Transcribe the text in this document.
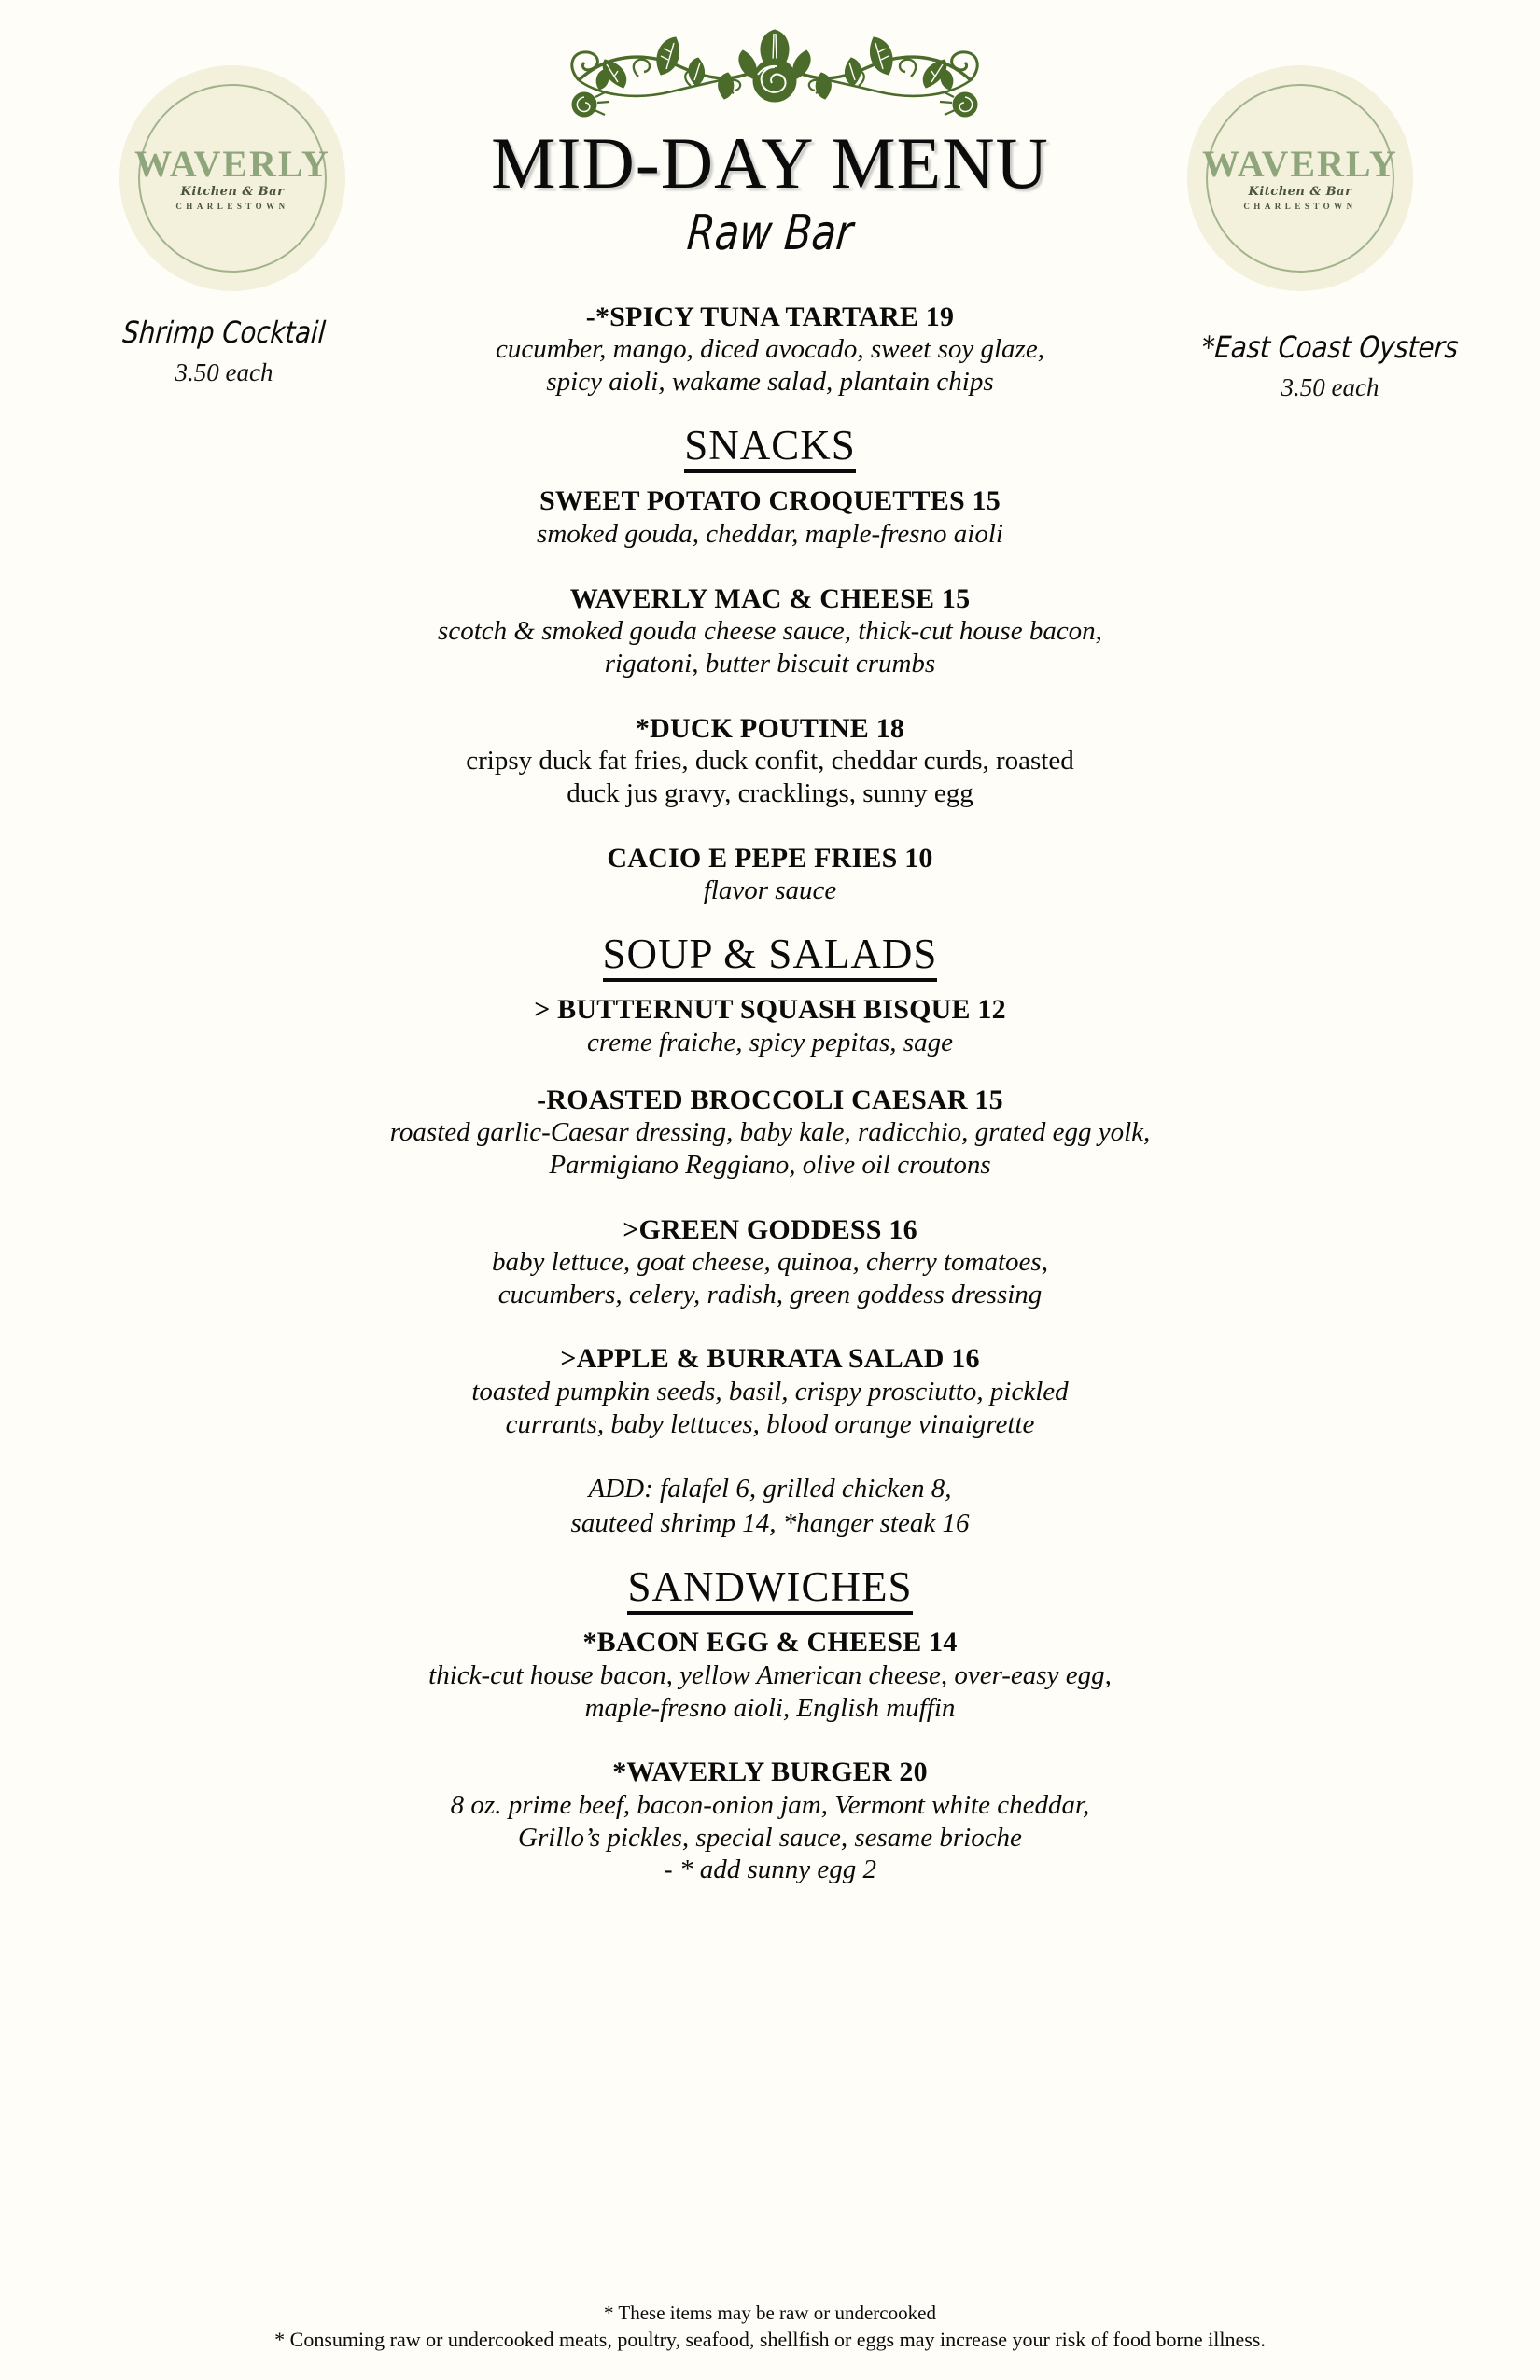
WAVERLY
Kitchen & Bar
CHARLESTOWN
WAVERLY
Kitchen & Bar
CHARLESTOWN
MID-DAY MENU
Raw Bar
Shrimp Cocktail
3.50 each
*East Coast Oysters
3.50 each
-*SPICY TUNA TARTARE 19
cucumber, mango, diced avocado, sweet soy glaze,
spicy aioli, wakame salad, plantain chips
SNACKS
SWEET POTATO CROQUETTES 15
smoked gouda, cheddar, maple-fresno aioli
WAVERLY MAC & CHEESE 15
scotch & smoked gouda cheese sauce, thick-cut house bacon,
rigatoni, butter biscuit crumbs
*DUCK POUTINE 18
cripsy duck fat fries, duck confit, cheddar curds, roasted
duck jus gravy, cracklings, sunny egg
CACIO E PEPE FRIES 10
flavor sauce
SOUP & SALADS
> BUTTERNUT SQUASH BISQUE 12
creme fraiche, spicy pepitas, sage
-ROASTED BROCCOLI CAESAR 15
roasted garlic-Caesar dressing, baby kale, radicchio, grated egg yolk,
Parmigiano Reggiano, olive oil croutons
>GREEN GODDESS 16
baby lettuce, goat cheese, quinoa, cherry tomatoes,
cucumbers, celery, radish, green goddess dressing
>APPLE & BURRATA SALAD 16
toasted pumpkin seeds, basil, crispy prosciutto, pickled
currants, baby lettuces, blood orange vinaigrette
ADD: falafel 6, grilled chicken 8,
sauteed shrimp 14, *hanger steak 16
SANDWICHES
*BACON EGG & CHEESE 14
thick-cut house bacon, yellow American cheese, over-easy egg,
maple-fresno aioli, English muffin
*WAVERLY BURGER 20
8 oz. prime beef, bacon-onion jam, Vermont white cheddar,
Grillo’s pickles, special sauce, sesame brioche
- * add sunny egg 2
* These items may be raw or undercooked
* Consuming raw or undercooked meats, poultry, seafood, shellfish or eggs may increase your risk of food borne illness.
